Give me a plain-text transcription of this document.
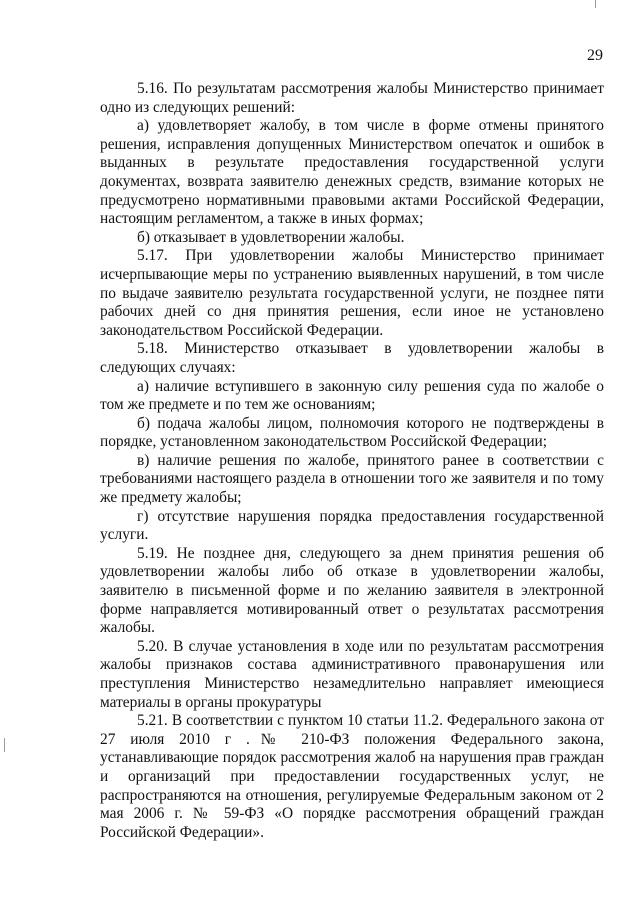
29

5.16. По результатам рассмотрения жалобы Министерство принимает одно из следующих решений:

а) удовлетворяет жалобу, в том числе в форме отмены принятого решения, исправления допущенных Министерством опечаток и ошибок в выданных в результате предоставления государственной услуги документах, возврата заявителю денежных средств, взимание которых не предусмотрено нормативными правовыми актами Российской Федерации, настоящим регламентом, а также в иных формах;

б) отказывает в удовлетворении жалобы.

5.17. При удовлетворении жалобы Министерство принимает исчерпывающие меры по устранению выявленных нарушений, в том числе по выдаче заявителю результата государственной услуги, не позднее пяти рабочих дней со дня принятия решения, если иное не установлено законодательством Российской Федерации.

5.18. Министерство отказывает в удовлетворении жалобы в следующих случаях:

а) наличие вступившего в законную силу решения суда по жалобе о том же предмете и по тем же основаниям;

б) подача жалобы лицом, полномочия которого не подтверждены в порядке, установленном законодательством Российской Федерации;

в) наличие решения по жалобе, принятого ранее в соответствии с требованиями настоящего раздела в отношении того же заявителя и по тому же предмету жалобы;

г) отсутствие нарушения порядка предоставления государственной услуги.

5.19. Не позднее дня, следующего за днем принятия решения об удовлетворении жалобы либо об отказе в удовлетворении жалобы, заявителю в письменной форме и по желанию заявителя в электронной форме направляется мотивированный ответ о результатах рассмотрения жалобы.

5.20. В случае установления в ходе или по результатам рассмотрения жалобы признаков состава административного правонарушения или преступления Министерство незамедлительно направляет имеющиеся материалы в органы прокуратуры

5.21. В соответствии с пунктом 10 статьи 11.2. Федерального закона от 27 июля 2010 г .№ 210-ФЗ положения Федерального закона, устанавливающие порядок рассмотрения жалоб на нарушения прав граждан и организаций при предоставлении государственных услуг, не распространяются на отношения, регулируемые Федеральным законом от 2 мая 2006 г. № 59-ФЗ «О порядке рассмотрения обращений граждан Российской Федерации».
